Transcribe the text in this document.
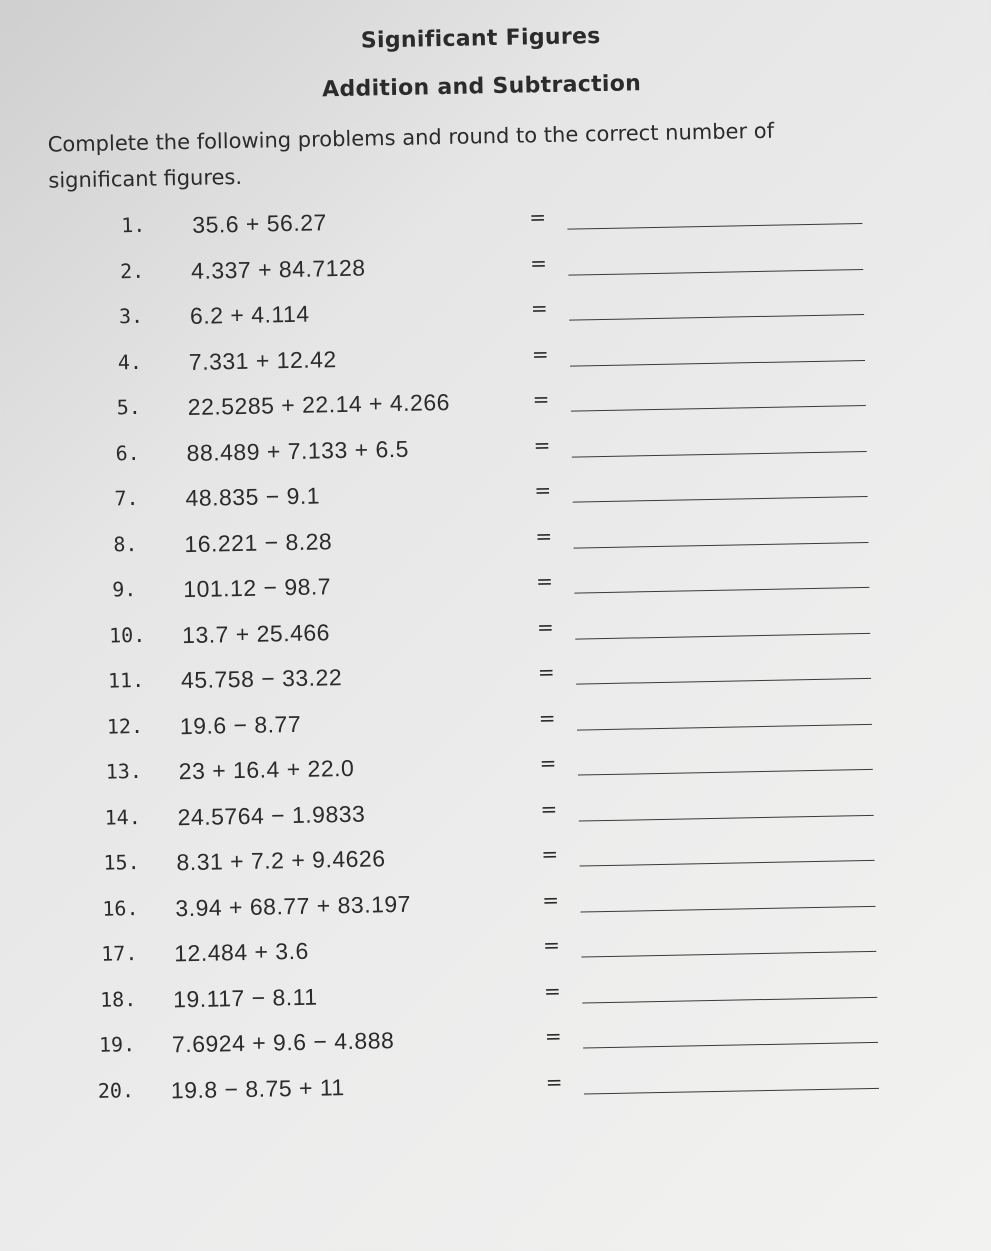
Significant Figures
Addition and Subtraction
Complete the following problems and round to the correct number of significant figures.
1.	35.6 + 56.27	=
2.	4.337 + 84.7128	=
3.	6.2 + 4.114	=
4.	7.331 + 12.42	=
5.	22.5285 + 22.14 + 4.266	=
6.	88.489 + 7.133 + 6.5	=
7.	48.835 − 9.1	=
8.	16.221 − 8.28	=
9.	101.12 − 98.7	=
10.	13.7 + 25.466	=
11.	45.758 − 33.22	=
12.	19.6 − 8.77	=
13.	23 + 16.4 + 22.0	=
14.	24.5764 − 1.9833	=
15.	8.31 + 7.2 + 9.4626	=
16.	3.94 + 68.77 + 83.197	=
17.	12.484 + 3.6	=
18.	19.117 − 8.11	=
19.	7.6924 + 9.6 − 4.888	=
20.	19.8 − 8.75 + 11	=
